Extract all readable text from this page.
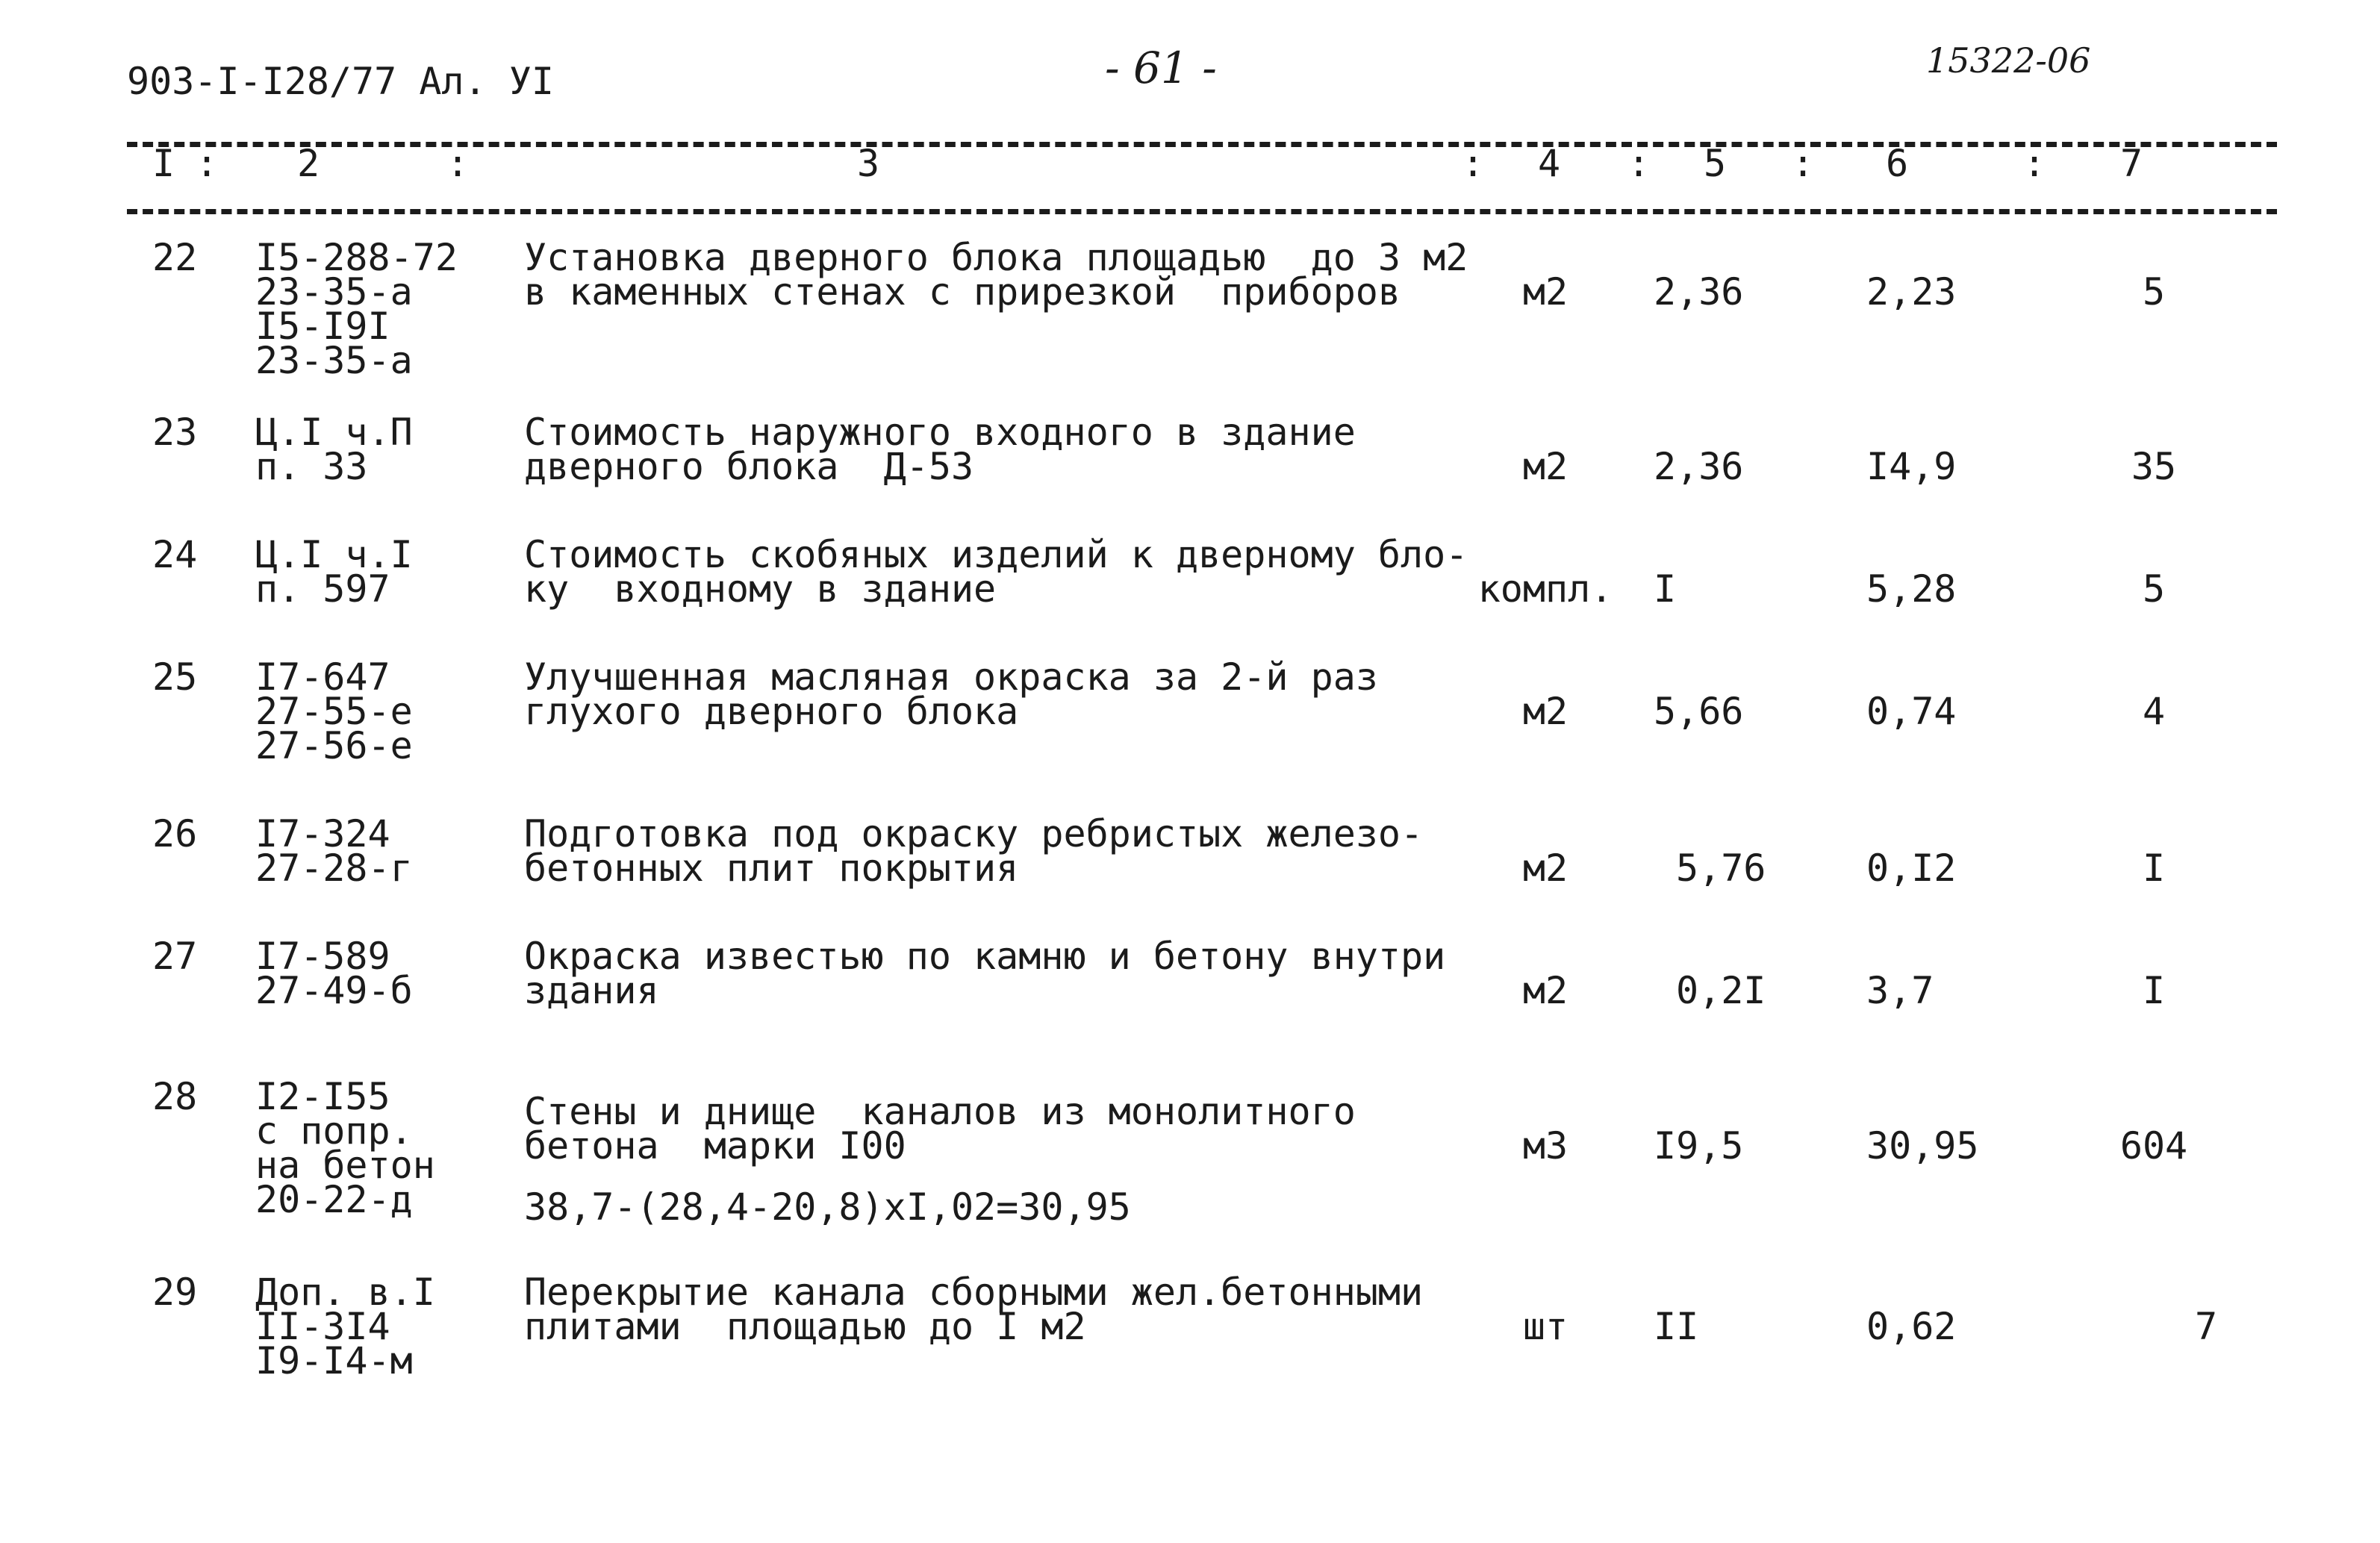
903-I-I28/77 Ал. УI	- 61 -	15322-06
I : 2	:	3	: 4 : 5 : 6	: 7
22 I5-288-72
23-35-а
I5-I9I
23-35-а
Установка дверного блока площадью  до 3 м2
в каменных стенах с прирезкой  приборов	м2	2,36	2,23	5
23 Ц.I ч.П
п. 33
Стоимость наружного входного в здание
дверного блока  Д-53	м2	2,36	I4,9	35
24 Ц.I ч.I
п. 597
Стоимость скобяных изделий к дверному бло-
ку  входному в здание	компл.	I	5,28	5
25 I7-647
27-55-е
27-56-е
Улучшенная масляная окраска за 2-й раз
глухого дверного блока	м2	5,66	0,74	4
26 I7-324
27-28-г
Подготовка под окраску ребристых железо-
бетонных плит покрытия	м2	5,76	0,I2	I
27 I7-589
27-49-б
Окраска известью по камню и бетону внутри
здания	м2	0,2I	3,7	I
28 I2-I55
с попр.
на бетон
20-22-д
Стены и днище  каналов из монолитного
бетона  марки I00
38,7-(28,4-20,8)хI,02=30,95
м3	I9,5	30,95	604
29 Доп. в.I
II-3I4
I9-I4-м
Перекрытие канала сборными жел.бетонными
плитами  площадью до I м2	шт	II	0,62	7
